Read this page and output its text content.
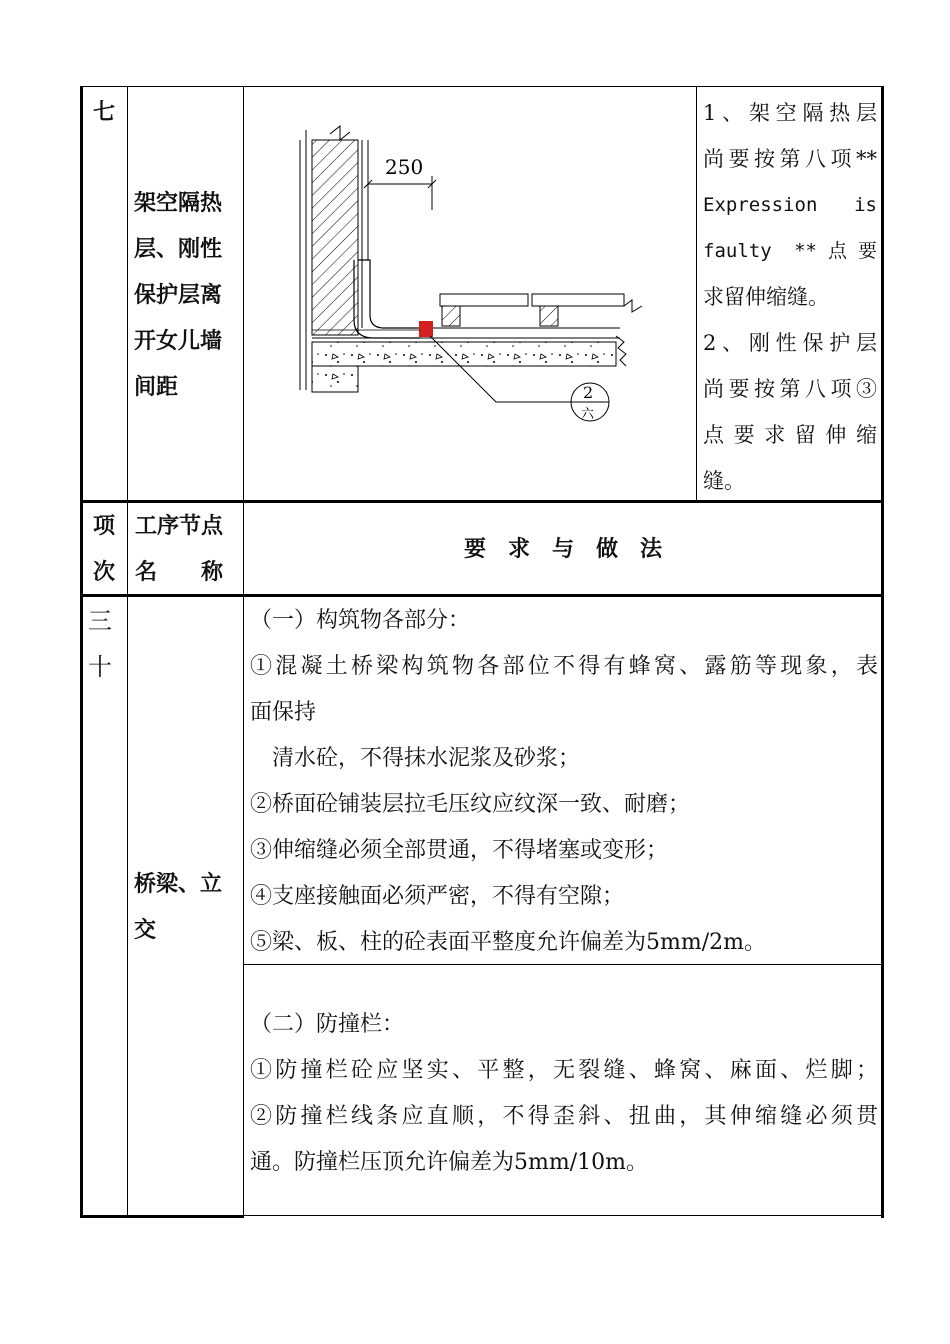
七
架空隔热
层、刚性
保护层离
开女儿墙
间距
250
2
六
1、架空隔热层
尚要按第八项**
Expression is
faulty **点要
求留伸缩缝。
2、刚性保护层
尚要按第八项③
点要求留伸缩
缝。
项
次
工序节点
名　　称
要　求　与　做　法
三
十
桥梁、立
交
（一）构筑物各部分：
①混凝土桥梁构筑物各部位不得有蜂窝、露筋等现象，表
面保持
　清水砼，不得抹水泥浆及砂浆；
②桥面砼铺装层拉毛压纹应纹深一致、耐磨；
③伸缩缝必须全部贯通，不得堵塞或变形；
④支座接触面必须严密，不得有空隙；
⑤梁、板、柱的砼表面平整度允许偏差为5mm/2m。
（二）防撞栏：
①防撞栏砼应坚实、平整，无裂缝、蜂窝、麻面、烂脚；
②防撞栏线条应直顺，不得歪斜、扭曲，其伸缩缝必须贯
通。防撞栏压顶允许偏差为5mm/10m。
